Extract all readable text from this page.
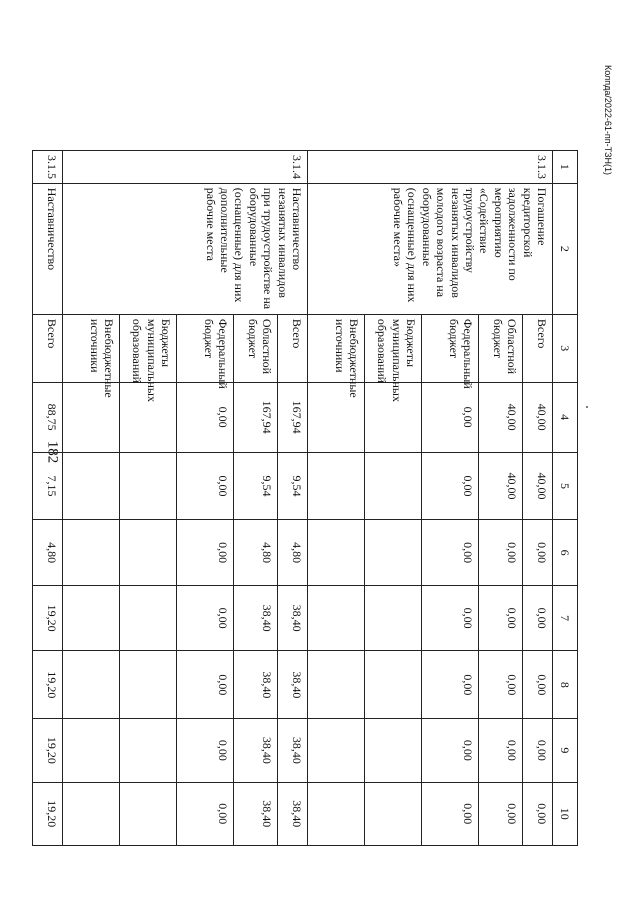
182
Колпда/2022-61-пп-ТЗН(1)
1	2	3	4	5	6	7	8	9	10
3.1.3	Погашение кредиторской задолженности по мероприятию «Содействие трудоустройству незанятых инвалидов молодого возраста на оборудованные (оснащенные) для них рабочие места»	Всего	40,00	40,00	0,00	0,00	0,00	0,00	0,00
		Областной бюджет	40,00	40,00	0,00	0,00	0,00	0,00	0,00
		Федеральный бюджет	0,00	0,00	0,00	0,00	0,00	0,00	0,00
		Бюджеты муниципальных образований							
		Внебюджетные источники							
3.1.4	Наставничество незанятых инвалидов при трудоустройстве на оборудованные (оснащенные) для них дополнительные рабочие места	Всего	167,94	9,54	4,80	38,40	38,40	38,40	38,40
		Областной бюджет	167,94	9,54	4,80	38,40	38,40	38,40	38,40
		Федеральный бюджет	0,00	0,00	0,00	0,00	0,00	0,00	0,00
		Бюджеты муниципальных образований							
		Внебюджетные источники							
3.1.5	Наставничество	Всего	88,75	7,15	4,80	19,20	19,20	19,20	19,20
